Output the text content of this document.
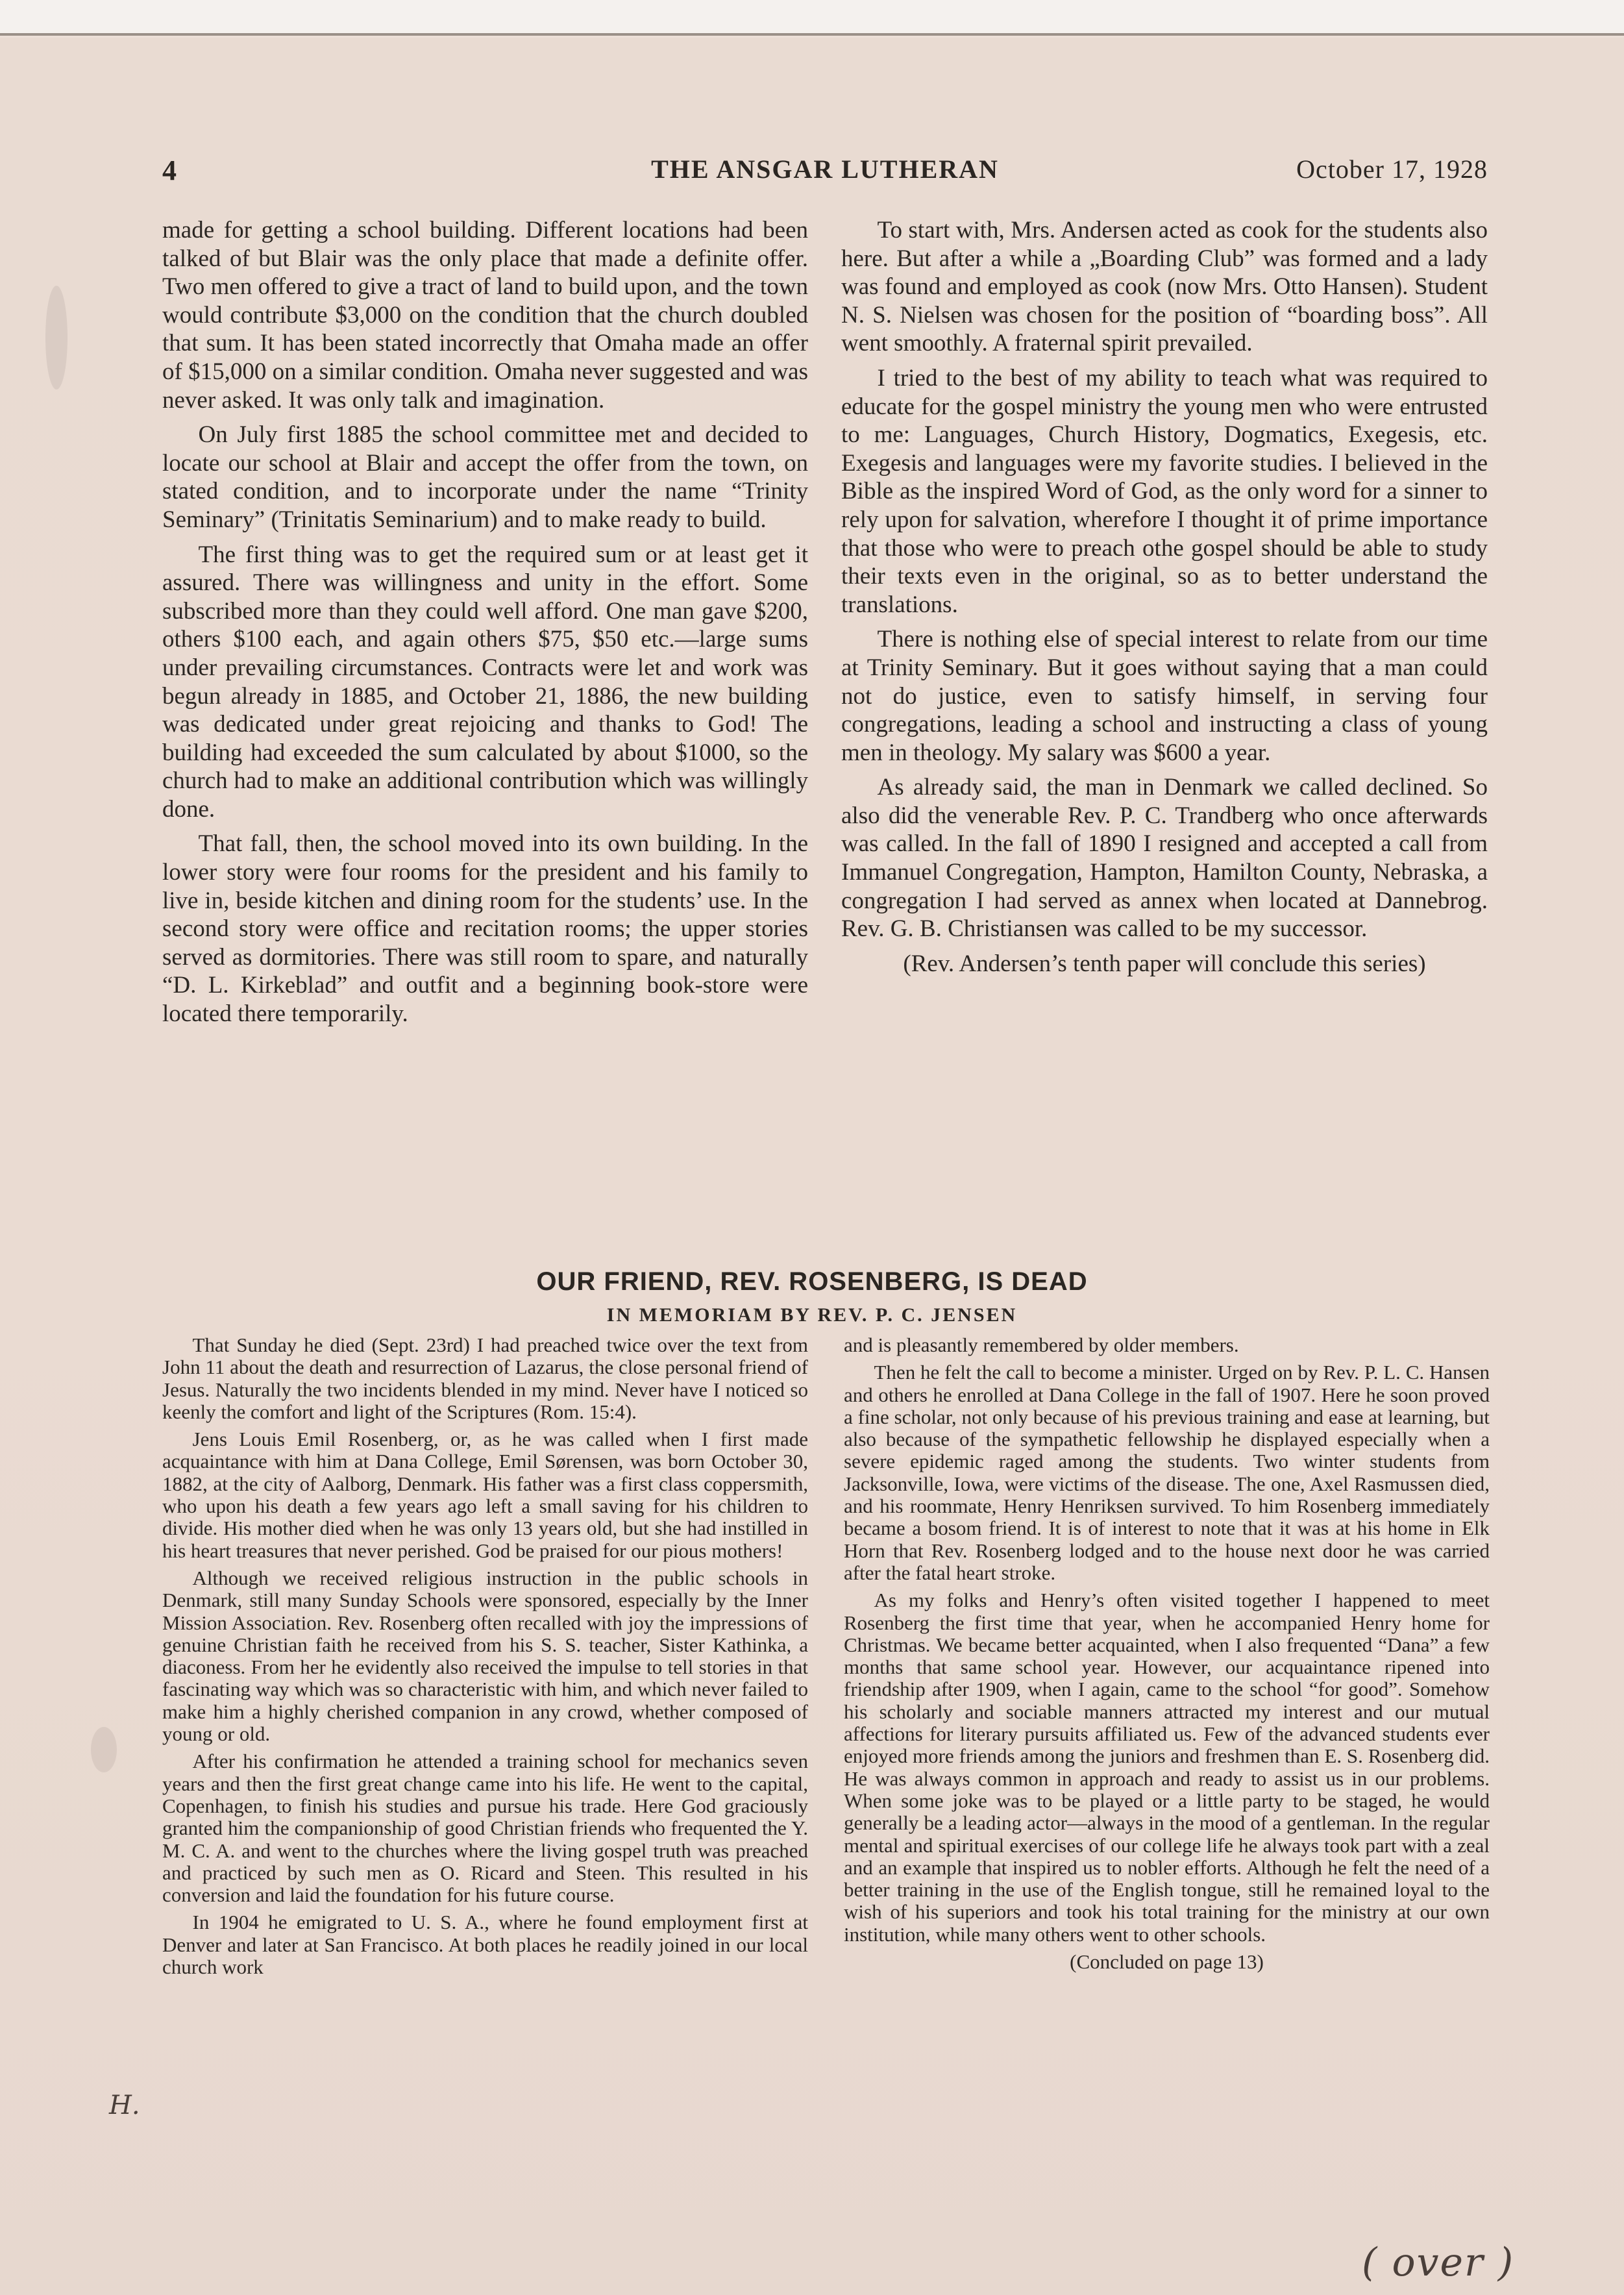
4	THE ANSGAR LUTHERAN	October 17, 1928

made for getting a school building. Different locations had been talked of but Blair was the only place that made a definite offer. Two men offered to give a tract of land to build upon, and the town would contribute $3,000 on the condition that the church doubled that sum. It has been stated incorrectly that Omaha made an offer of $15,000 on a similar condition. Omaha never suggested and was never asked. It was only talk and imagination.

On July first 1885 the school committee met and decided to locate our school at Blair and accept the offer from the town, on stated condition, and to incorporate under the name “Trinity Seminary” (Trinitatis Seminarium) and to make ready to build.

The first thing was to get the required sum or at least get it assured. There was willingness and unity in the effort. Some subscribed more than they could well afford. One man gave $200, others $100 each, and again others $75, $50 etc.—large sums under prevailing circumstances. Contracts were let and work was begun already in 1885, and October 21, 1886, the new building was dedicated under great rejoicing and thanks to God! The building had exceeded the sum calculated by about $1000, so the church had to make an additional contribution which was willingly done.

That fall, then, the school moved into its own building. In the lower story were four rooms for the president and his family to live in, beside kitchen and dining room for the students’ use. In the second story were office and recitation rooms; the upper stories served as dormitories. There was still room to spare, and naturally “D. L. Kirkeblad” and outfit and a beginning book-store were located there temporarily.

To start with, Mrs. Andersen acted as cook for the students also here. But after a while a „Boarding Club” was formed and a lady was found and employed as cook (now Mrs. Otto Hansen). Student N. S. Nielsen was chosen for the position of “boarding boss”. All went smoothly. A fraternal spirit prevailed.

I tried to the best of my ability to teach what was required to educate for the gospel ministry the young men who were entrusted to me: Languages, Church History, Dogmatics, Exegesis, etc. Exegesis and languages were my favorite studies. I believed in the Bible as the inspired Word of God, as the only word for a sinner to rely upon for salvation, wherefore I thought it of prime importance that those who were to preach othe gospel should be able to study their texts even in the original, so as to better understand the translations.

There is nothing else of special interest to relate from our time at Trinity Seminary. But it goes without saying that a man could not do justice, even to satisfy himself, in serving four congregations, leading a school and instructing a class of young men in theology. My salary was $600 a year.

As already said, the man in Denmark we called declined. So also did the venerable Rev. P. C. Trandberg who once afterwards was called. In the fall of 1890 I resigned and accepted a call from Immanuel Congregation, Hampton, Hamilton County, Nebraska, a congregation I had served as annex when located at Dannebrog. Rev. G. B. Christiansen was called to be my successor.

(Rev. Andersen’s tenth paper will conclude this series)

OUR FRIEND, REV. ROSENBERG, IS DEAD
IN MEMORIAM BY REV. P. C. JENSEN

That Sunday he died (Sept. 23rd) I had preached twice over the text from John 11 about the death and resurrection of Lazarus, the close personal friend of Jesus. Naturally the two incidents blended in my mind. Never have I noticed so keenly the comfort and light of the Scriptures (Rom. 15:4).

Jens Louis Emil Rosenberg, or, as he was called when I first made acquaintance with him at Dana College, Emil Sørensen, was born October 30, 1882, at the city of Aalborg, Denmark. His father was a first class coppersmith, who upon his death a few years ago left a small saving for his children to divide. His mother died when he was only 13 years old, but she had instilled in his heart treasures that never perished. God be praised for our pious mothers!

Although we received religious instruction in the public schools in Denmark, still many Sunday Schools were sponsored, especially by the Inner Mission Association. Rev. Rosenberg often recalled with joy the impressions of genuine Christian faith he received from his S. S. teacher, Sister Kathinka, a diaconess. From her he evidently also received the impulse to tell stories in that fascinating way which was so characteristic with him, and which never failed to make him a highly cherished companion in any crowd, whether composed of young or old.

After his confirmation he attended a training school for mechanics seven years and then the first great change came into his life. He went to the capital, Copenhagen, to finish his studies and pursue his trade. Here God graciously granted him the companionship of good Christian friends who frequented the Y. M. C. A. and went to the churches where the living gospel truth was preached and practiced by such men as O. Ricard and Steen. This resulted in his conversion and laid the foundation for his future course.

In 1904 he emigrated to U. S. A., where he found employment first at Denver and later at San Francisco. At both places he readily joined in our local church work

and is pleasantly remembered by older members.

Then he felt the call to become a minister. Urged on by Rev. P. L. C. Hansen and others he enrolled at Dana College in the fall of 1907. Here he soon proved a fine scholar, not only because of his previous training and ease at learning, but also because of the sympathetic fellowship he displayed especially when a severe epidemic raged among the students. Two winter students from Jacksonville, Iowa, were victims of the disease. The one, Axel Rasmussen died, and his roommate, Henry Henriksen survived. To him Rosenberg immediately became a bosom friend. It is of interest to note that it was at his home in Elk Horn that Rev. Rosenberg lodged and to the house next door he was carried after the fatal heart stroke.

As my folks and Henry’s often visited together I happened to meet Rosenberg the first time that year, when he accompanied Henry home for Christmas. We became better acquainted, when I also frequented “Dana” a few months that same school year. However, our acquaintance ripened into friendship after 1909, when I again, came to the school “for good”. Somehow his scholarly and sociable manners attracted my interest and our mutual affections for literary pursuits affiliated us. Few of the advanced students ever enjoyed more friends among the juniors and freshmen than E. S. Rosenberg did. He was always common in approach and ready to assist us in our problems. When some joke was to be played or a little party to be staged, he would generally be a leading actor—always in the mood of a gentleman. In the regular mental and spiritual exercises of our college life he always took part with a zeal and an example that inspired us to nobler efforts. Although he felt the need of a better training in the use of the English tongue, still he remained loyal to the wish of his superiors and took his total training for the ministry at our own institution, while many others went to other schools.

(Concluded on page 13)

H.
( over )
